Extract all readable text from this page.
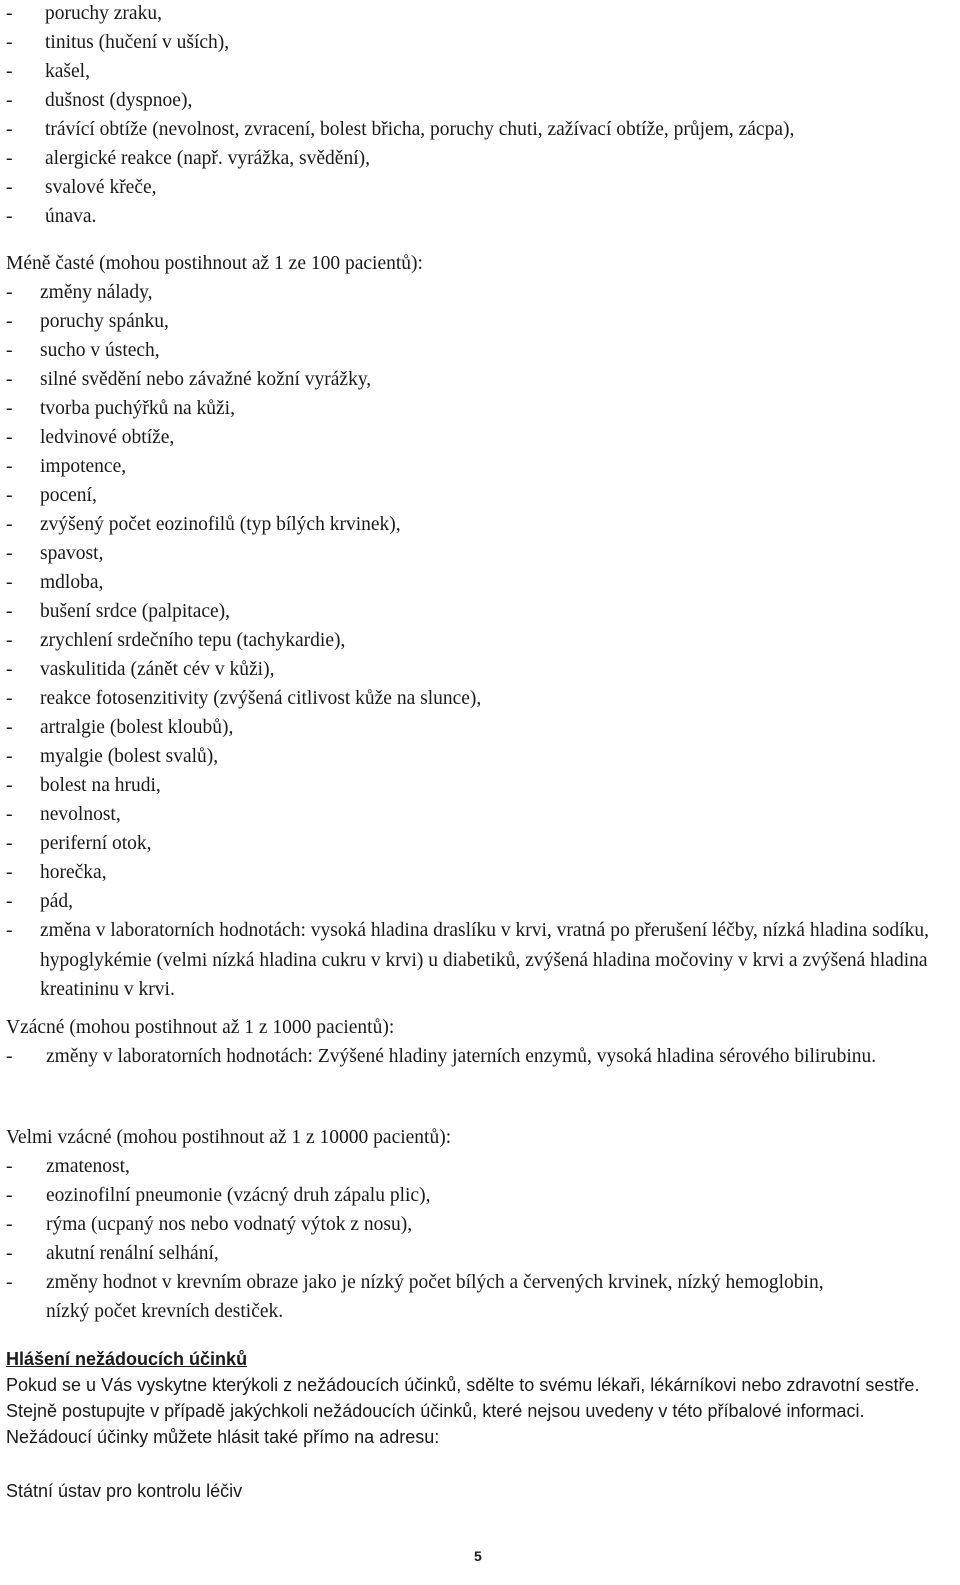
- poruchy zraku,
- tinitus (hučení v uších),
- kašel,
- dušnost (dyspnoe),
- trávící obtíže (nevolnost, zvracení, bolest břicha, poruchy chuti, zažívací obtíže, průjem, zácpa),
- alergické reakce (např. vyrážka, svědění),
- svalové křeče,
- únava.
Méně časté (mohou postihnout až 1 ze 100 pacientů):
- změny nálady,
- poruchy spánku,
- sucho v ústech,
- silné svědění nebo závažné kožní vyrážky,
- tvorba puchýřků na kůži,
- ledvinové obtíže,
- impotence,
- pocení,
- zvýšený počet eozinofilů (typ bílých krvinek),
- spavost,
- mdloba,
- bušení srdce (palpitace),
- zrychlení srdečního tepu (tachykardie),
- vaskulitida (zánět cév v kůži),
- reakce fotosenzitivity (zvýšená citlivost kůže na slunce),
- artralgie (bolest kloubů),
- myalgie (bolest svalů),
- bolest na hrudi,
- nevolnost,
- periferní otok,
- horečka,
- pád,
- změna v laboratorních hodnotách: vysoká hladina draslíku v krvi, vratná po přerušení léčby, nízká hladina sodíku, hypoglykémie (velmi nízká hladina cukru v krvi) u diabetiků, zvýšená hladina močoviny v krvi a zvýšená hladina kreatininu v krvi.
Vzácné (mohou postihnout až 1 z 1000 pacientů):
- změny v laboratorních hodnotách: Zvýšené hladiny jaterních enzymů, vysoká hladina sérového bilirubinu.
Velmi vzácné (mohou postihnout až 1 z 10000 pacientů):
- zmatenost,
- eozinofilní pneumonie (vzácný druh zápalu plic),
- rýma (ucpaný nos nebo vodnatý výtok z nosu),
- akutní renální selhání,
- změny hodnot v krevním obraze jako je nízký počet bílých a červených krvinek, nízký hemoglobin, nízký počet krevních destiček.
Hlášení nežádoucích účinků
Pokud se u Vás vyskytne kterýkoli z nežádoucích účinků, sdělte to svému lékaři, lékárníkovi nebo zdravotní sestře. Stejně postupujte v případě jakýchkoli nežádoucích účinků, které nejsou uvedeny v této příbalové informaci. Nežádoucí účinky můžete hlásit také přímo na adresu:
Státní ústav pro kontrolu léčiv
5
